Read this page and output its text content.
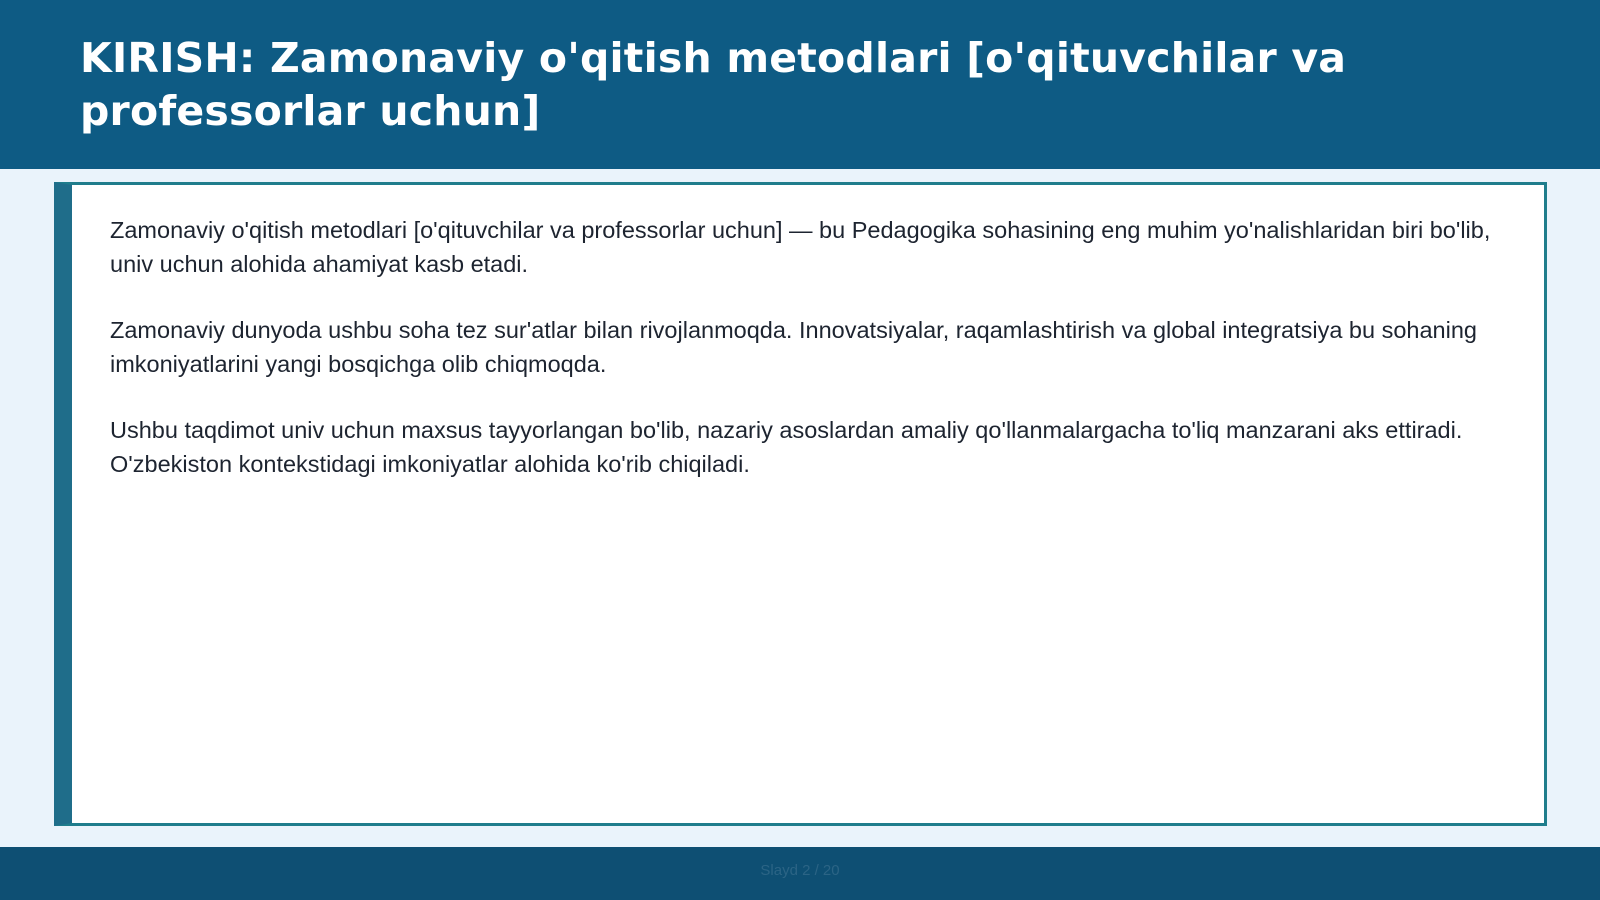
KIRISH: Zamonaviy o'qitish metodlari [o'qituvchilar va professorlar uchun]

Zamonaviy o'qitish metodlari [o'qituvchilar va professorlar uchun] — bu Pedagogika sohasining eng muhim yo'nalishlaridan biri bo'lib, univ uchun alohida ahamiyat kasb etadi.

Zamonaviy dunyoda ushbu soha tez sur'atlar bilan rivojlanmoqda. Innovatsiyalar, raqamlashtirish va global integratsiya bu sohaning imkoniyatlarini yangi bosqichga olib chiqmoqda.

Ushbu taqdimot univ uchun maxsus tayyorlangan bo'lib, nazariy asoslardan amaliy qo'llanmalargacha to'liq manzarani aks ettiradi. O'zbekiston kontekstidagi imkoniyatlar alohida ko'rib chiqiladi.

Slayd 2 / 20
